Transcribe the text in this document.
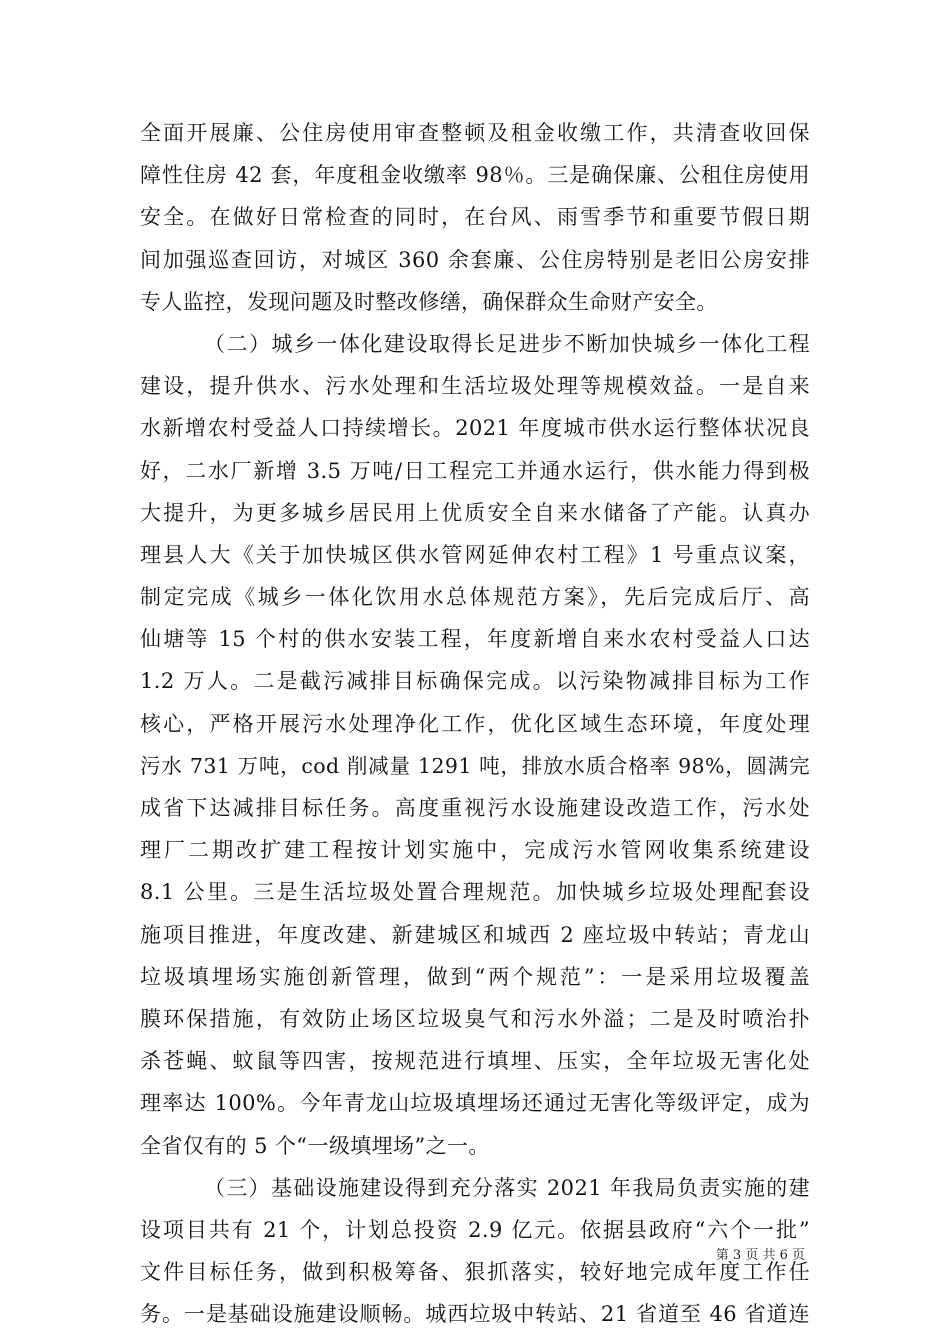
全面开展廉、公住房使用审查整顿及租金收缴工作，共清查收回保
障性住房 42 套，年度租金收缴率 98％。三是确保廉、公租住房使用
安全。在做好日常检查的同时，在台风、雨雪季节和重要节假日期
间加强巡查回访，对城区 360 余套廉、公住房特别是老旧公房安排
专人监控，发现问题及时整改修缮，确保群众生命财产安全。
（二）城乡一体化建设取得长足进步不断加快城乡一体化工程
建设，提升供水、污水处理和生活垃圾处理等规模效益。一是自来
水新增农村受益人口持续增长。2021 年度城市供水运行整体状况良
好，二水厂新增 3.5 万吨/日工程完工并通水运行，供水能力得到极
大提升，为更多城乡居民用上优质安全自来水储备了产能。认真办
理县人大《关于加快城区供水管网延伸农村工程》1 号重点议案，
制定完成《城乡一体化饮用水总体规范方案》，先后完成后厅、高
仙塘等 15 个村的供水安装工程，年度新增自来水农村受益人口达
1.2 万人。二是截污减排目标确保完成。以污染物减排目标为工作
核心，严格开展污水处理净化工作，优化区域生态环境，年度处理
污水 731 万吨，cod 削减量 1291 吨，排放水质合格率 98%，圆满完
成省下达减排目标任务。高度重视污水设施建设改造工作，污水处
理厂二期改扩建工程按计划实施中，完成污水管网收集系统建设
8.1 公里。三是生活垃圾处置合理规范。加快城乡垃圾处理配套设
施项目推进，年度改建、新建城区和城西 2 座垃圾中转站；青龙山
垃圾填埋场实施创新管理，做到“两个规范”：一是采用垃圾覆盖
膜环保措施，有效防止场区垃圾臭气和污水外溢；二是及时喷治扑
杀苍蝇、蚊鼠等四害，按规范进行填埋、压实，全年垃圾无害化处
理率达 100%。今年青龙山垃圾填埋场还通过无害化等级评定，成为
全省仅有的 5 个“一级填埋场”之一。
（三）基础设施建设得到充分落实 2021 年我局负责实施的建
设项目共有 21 个，计划总投资 2.9 亿元。依据县政府“六个一批”
文件目标任务，做到积极筹备、狠抓落实，较好地完成年度工作任
务。一是基础设施建设顺畅。城西垃圾中转站、21 省道至 46 省道连
第 3 页 共 6 页
